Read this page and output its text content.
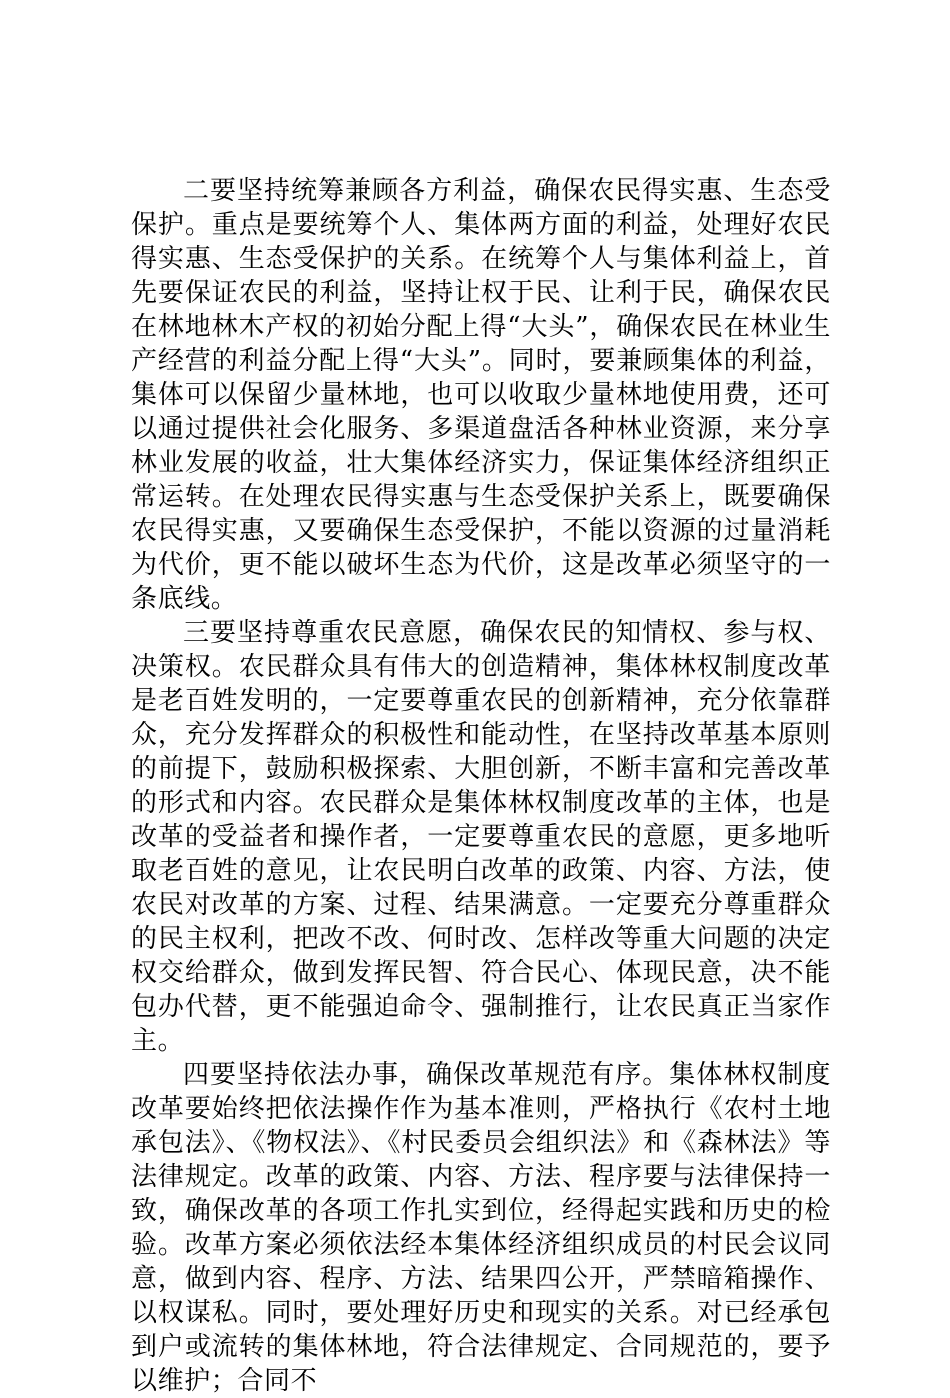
二要坚持统筹兼顾各方利益，确保农民得实惠、生态受保护。重点是要统筹个人、集体两方面的利益，处理好农民得实惠、生态受保护的关系。在统筹个人与集体利益上，首先要保证农民的利益，坚持让权于民、让利于民，确保农民在林地林木产权的初始分配上得“大头”，确保农民在林业生产经营的利益分配上得“大头”。同时，要兼顾集体的利益，集体可以保留少量林地，也可以收取少量林地使用费，还可以通过提供社会化服务、多渠道盘活各种林业资源，来分享林业发展的收益，壮大集体经济实力，保证集体经济组织正常运转。在处理农民得实惠与生态受保护关系上，既要确保农民得实惠，又要确保生态受保护，不能以资源的过量消耗为代价，更不能以破坏生态为代价，这是改革必须坚守的一条底线。

三要坚持尊重农民意愿，确保农民的知情权、参与权、决策权。农民群众具有伟大的创造精神，集体林权制度改革是老百姓发明的，一定要尊重农民的创新精神，充分依靠群众，充分发挥群众的积极性和能动性，在坚持改革基本原则的前提下，鼓励积极探索、大胆创新，不断丰富和完善改革的形式和内容。农民群众是集体林权制度改革的主体，也是改革的受益者和操作者，一定要尊重农民的意愿，更多地听取老百姓的意见，让农民明白改革的政策、内容、方法，使农民对改革的方案、过程、结果满意。一定要充分尊重群众的民主权利，把改不改、何时改、怎样改等重大问题的决定权交给群众，做到发挥民智、符合民心、体现民意，决不能包办代替，更不能强迫命令、强制推行，让农民真正当家作主。

四要坚持依法办事，确保改革规范有序。集体林权制度改革要始终把依法操作作为基本准则，严格执行《农村土地承包法》、《物权法》、《村民委员会组织法》和《森林法》等法律规定。改革的政策、内容、方法、程序要与法律保持一致，确保改革的各项工作扎实到位，经得起实践和历史的检验。改革方案必须依法经本集体经济组织成员的村民会议同意，做到内容、程序、方法、结果四公开，严禁暗箱操作、以权谋私。同时，要处理好历史和现实的关系。对已经承包到户或流转的集体林地，符合法律规定、合同规范的，要予以维护；合同不
